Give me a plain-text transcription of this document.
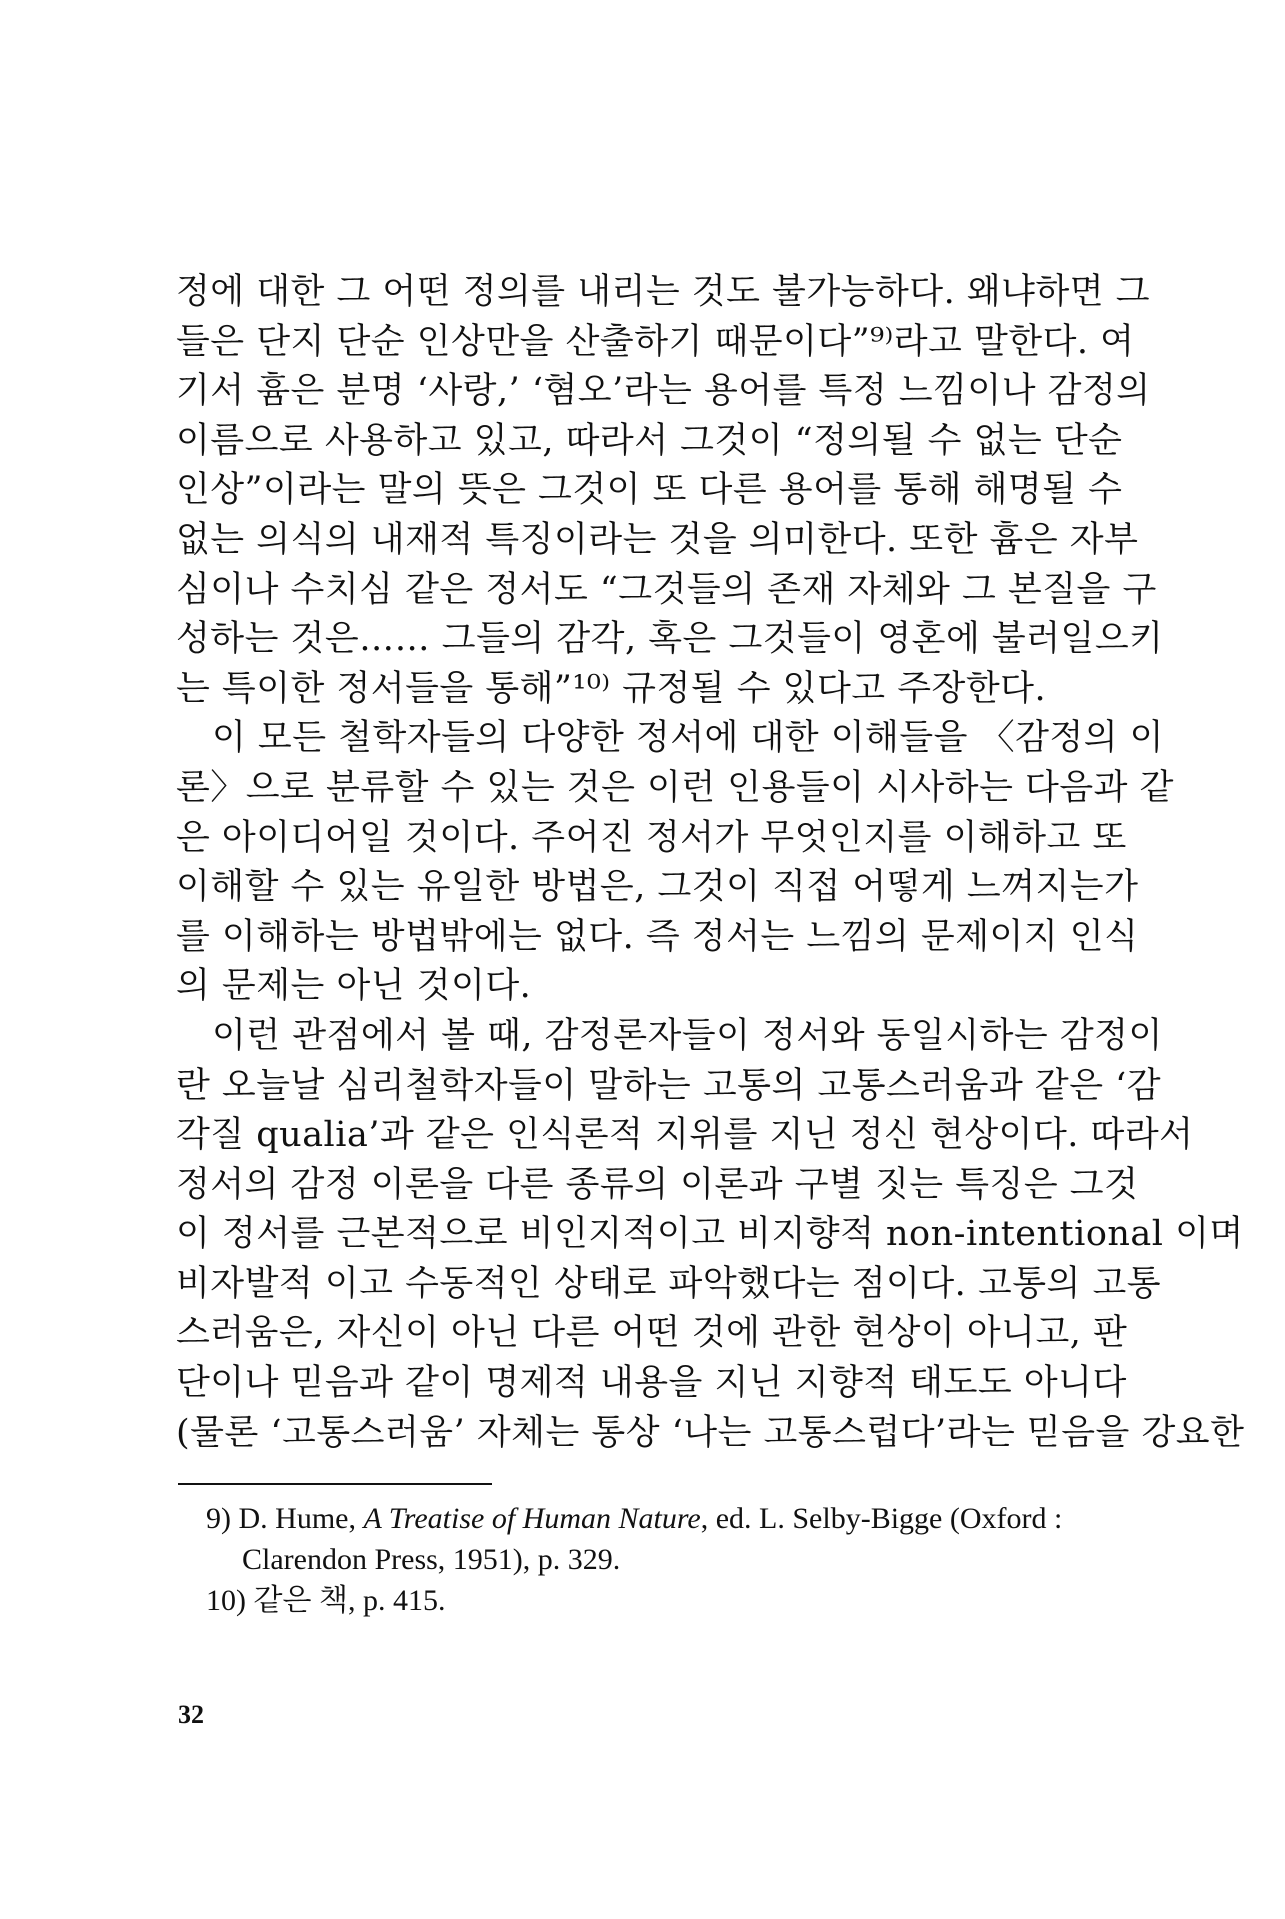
정에 대한 그 어떤 정의를 내리는 것도 불가능하다. 왜냐하면 그
들은 단지 단순 인상만을 산출하기 때문이다”⁹⁾라고 말한다. 여
기서 흄은 분명 ‘사랑,’ ‘혐오’라는 용어를 특정 느낌이나 감정의
이름으로 사용하고 있고, 따라서 그것이 “정의될 수 없는 단순
인상”이라는 말의 뜻은 그것이 또 다른 용어를 통해 해명될 수
없는 의식의 내재적 특징이라는 것을 의미한다. 또한 흄은 자부
심이나 수치심 같은 정서도 “그것들의 존재 자체와 그 본질을 구
성하는 것은…… 그들의 감각, 혹은 그것들이 영혼에 불러일으키
는 특이한 정서들을 통해”¹⁰⁾ 규정될 수 있다고 주장한다.
이 모든 철학자들의 다양한 정서에 대한 이해들을 〈감정의 이
론〉으로 분류할 수 있는 것은 이런 인용들이 시사하는 다음과 같
은 아이디어일 것이다. 주어진 정서가 무엇인지를 이해하고 또
이해할 수 있는 유일한 방법은, 그것이 직접 어떻게 느껴지는가
를 이해하는 방법밖에는 없다. 즉 정서는 느낌의 문제이지 인식
의 문제는 아닌 것이다.
이런 관점에서 볼 때, 감정론자들이 정서와 동일시하는 감정이
란 오늘날 심리철학자들이 말하는 고통의 고통스러움과 같은 ‘감
각질 qualia’과 같은 인식론적 지위를 지닌 정신 현상이다. 따라서
정서의 감정 이론을 다른 종류의 이론과 구별 짓는 특징은 그것
이 정서를 근본적으로 비인지적이고 비지향적 non-intentional 이며
비자발적 이고 수동적인 상태로 파악했다는 점이다. 고통의 고통
스러움은, 자신이 아닌 다른 어떤 것에 관한 현상이 아니고, 판
단이나 믿음과 같이 명제적 내용을 지닌 지향적 태도도 아니다
(물론 ‘고통스러움’ 자체는 통상 ‘나는 고통스럽다’라는 믿음을 강요한
9) D. Hume, A Treatise of Human Nature, ed. L. Selby-Bigge (Oxford :
Clarendon Press, 1951), p. 329.
10) 같은 책, p. 415.
32
